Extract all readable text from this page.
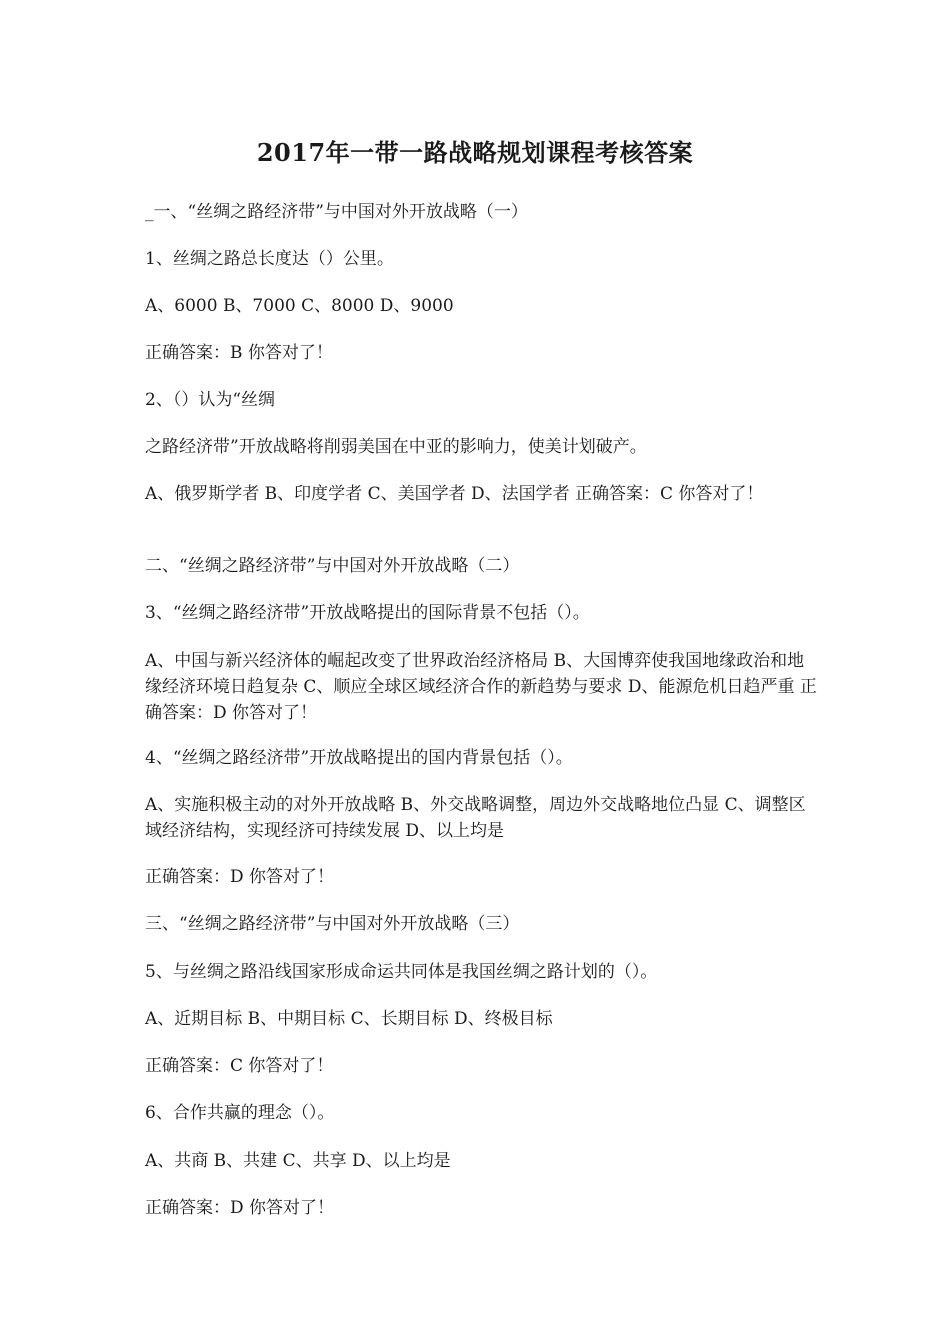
2017年一带一路战略规划课程考核答案
_一、“丝绸之路经济带”与中国对外开放战略（一）
1、丝绸之路总长度达（）公里。
A、6000 B、7000 C、8000 D、9000
正确答案：B 你答对了！
2、（）认为“丝绸
之路经济带”开放战略将削弱美国在中亚的影响力，使美计划破产。
A、俄罗斯学者 B、印度学者 C、美国学者 D、法国学者 正确答案：C 你答对了！
二、“丝绸之路经济带”与中国对外开放战略（二）
3、“丝绸之路经济带”开放战略提出的国际背景不包括（）。
A、中国与新兴经济体的崛起改变了世界政治经济格局 B、大国博弈使我国地缘政治和地缘经济环境日趋复杂 C、顺应全球区域经济合作的新趋势与要求 D、能源危机日趋严重 正确答案：D 你答对了！
4、“丝绸之路经济带”开放战略提出的国内背景包括（）。
A、实施积极主动的对外开放战略 B、外交战略调整，周边外交战略地位凸显 C、调整区域经济结构，实现经济可持续发展 D、以上均是
正确答案：D 你答对了！
三、“丝绸之路经济带”与中国对外开放战略（三）
5、与丝绸之路沿线国家形成命运共同体是我国丝绸之路计划的（）。
A、近期目标 B、中期目标 C、长期目标 D、终极目标
正确答案：C 你答对了！
6、合作共赢的理念（）。
A、共商 B、共建 C、共享 D、以上均是
正确答案：D 你答对了！
